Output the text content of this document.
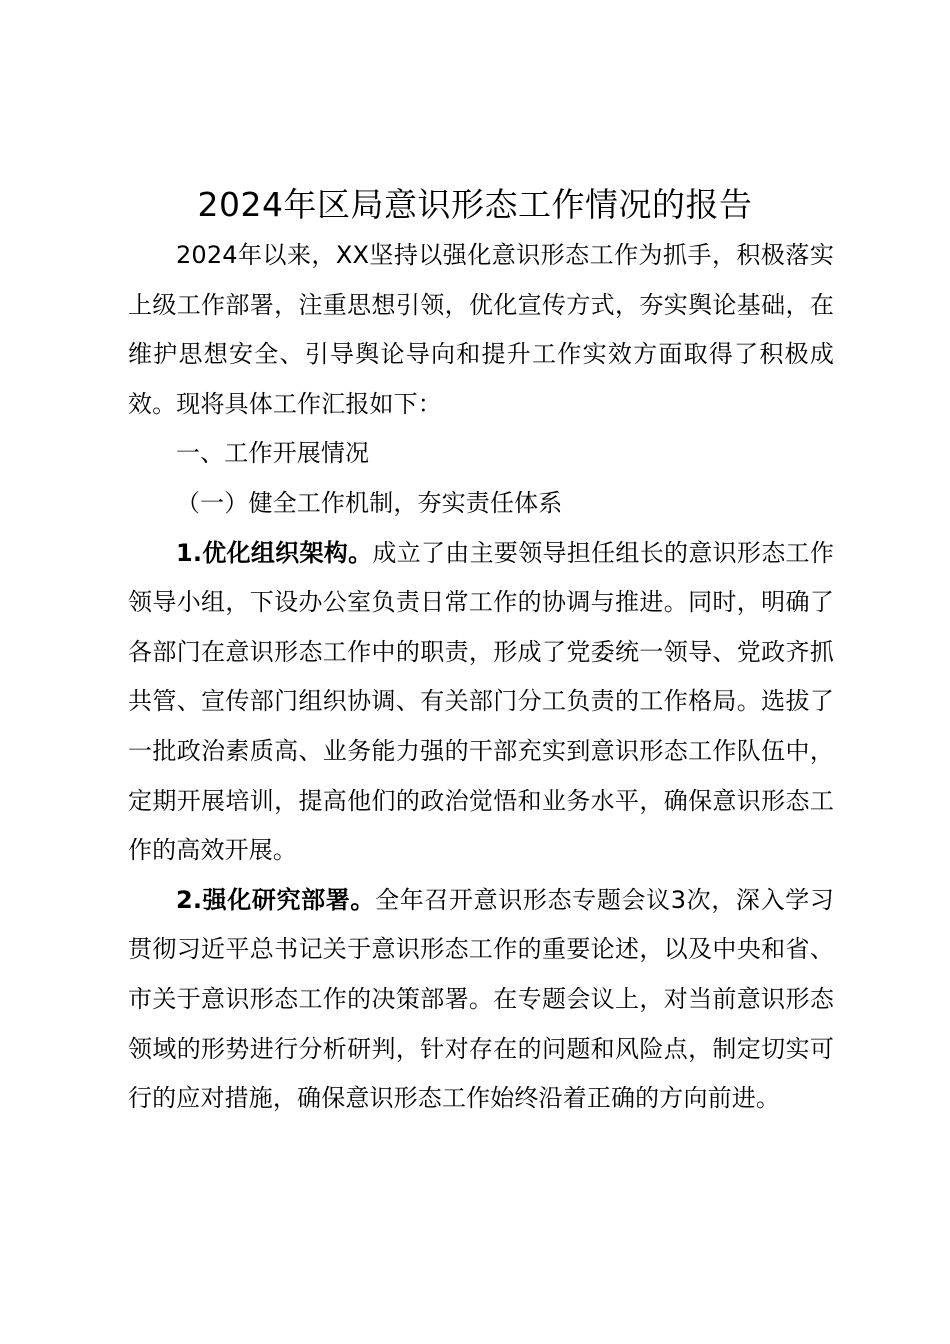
2024年区局意识形态工作情况的报告

2024年以来，XX坚持以强化意识形态工作为抓手，积极落实上级工作部署，注重思想引领，优化宣传方式，夯实舆论基础，在维护思想安全、引导舆论导向和提升工作实效方面取得了积极成效。现将具体工作汇报如下：

一、工作开展情况

（一）健全工作机制，夯实责任体系

1.优化组织架构。成立了由主要领导担任组长的意识形态工作领导小组，下设办公室负责日常工作的协调与推进。同时，明确了各部门在意识形态工作中的职责，形成了党委统一领导、党政齐抓共管、宣传部门组织协调、有关部门分工负责的工作格局。选拔了一批政治素质高、业务能力强的干部充实到意识形态工作队伍中，定期开展培训，提高他们的政治觉悟和业务水平，确保意识形态工作的高效开展。

2.强化研究部署。全年召开意识形态专题会议3次，深入学习贯彻习近平总书记关于意识形态工作的重要论述，以及中央和省、市关于意识形态工作的决策部署。在专题会议上，对当前意识形态领域的形势进行分析研判，针对存在的问题和风险点，制定切实可行的应对措施，确保意识形态工作始终沿着正确的方向前进。
